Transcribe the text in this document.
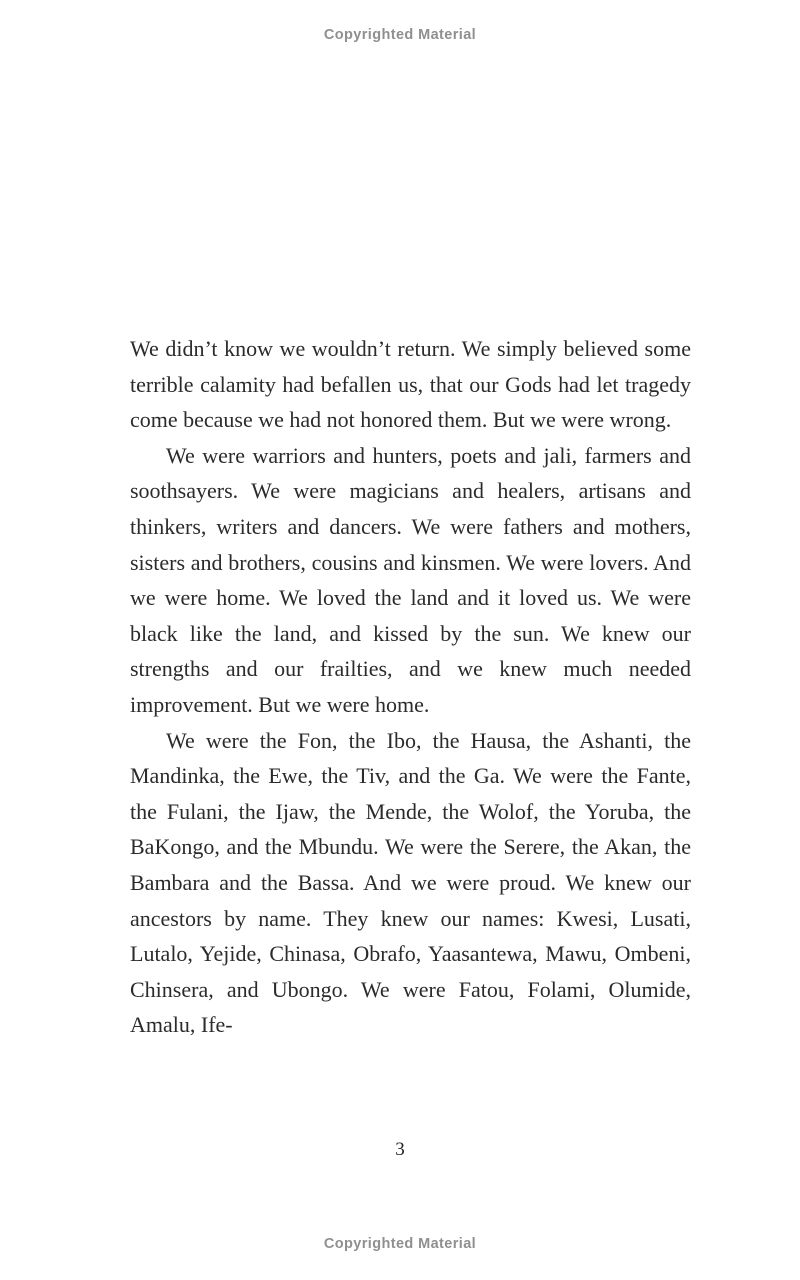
Copyrighted Material

We didn’t know we wouldn’t return. We simply believed some terrible calamity had befallen us, that our Gods had let tragedy come because we had not honored them. But we were wrong.

We were warriors and hunters, poets and jali, farmers and soothsayers. We were magicians and healers, artisans and thinkers, writers and dancers. We were fathers and mothers, sisters and brothers, cousins and kinsmen. We were lovers. And we were home. We loved the land and it loved us. We were black like the land, and kissed by the sun. We knew our strengths and our frailties, and we knew much needed improvement. But we were home.

We were the Fon, the Ibo, the Hausa, the Ashanti, the Mandinka, the Ewe, the Tiv, and the Ga. We were the Fante, the Fulani, the Ijaw, the Mende, the Wolof, the Yoruba, the BaKongo, and the Mbundu. We were the Serere, the Akan, the Bambara and the Bassa. And we were proud. We knew our ancestors by name. They knew our names: Kwesi, Lusati, Lutalo, Yejide, Chinasa, Obrafo, Yaasantewa, Mawu, Ombeni, Chinsera, and Ubongo. We were Fatou, Folami, Olumide, Amalu, Ife-

3
Copyrighted Material
